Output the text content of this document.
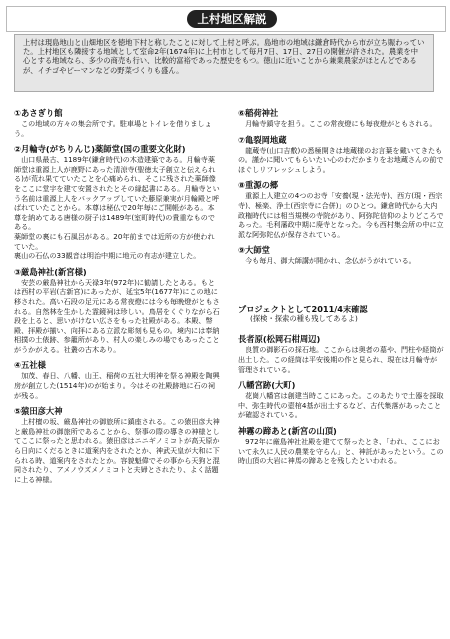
上村地区解説
上村は現島地山と山畑地区を徳地下村と称したことに対して上村と呼ぶ。島地市の地域は鎌倉時代から市が立ち賑わっていた。上村地区も隣接する地域として室命2年(1674年)に上村市として毎月7日、17日、27日の開催が許された。農業を中心とする地域なら、多少の商売も行い、比較的富裕であった歴史をもつ。徳山に近いことから兼業農家がほとんどであるが、イチゴやピーマンなどの野菜づくりも盛ん。
①あさぎり館
この地域の方々の集会所です。駐車場とトイレを借りましょう。
②月輪寺(がちりんじ)薬師堂(国の重要文化財)
山口県最古、1189年(鎌倉時代)の木造建築である。月輪寺薬師堂は重源上人が鹿野にあった清涼寺(聖徳太子創立と伝えられる)が荒れ果てていたことを心痛められ、そこに残された薬師像をここに堂宇を建て安置されたとその縁起書にある。月輪寺という名前は重源上人をバックアップしていた藤原兼実が月輪殿と呼ばれていたことから。本尊は秘仏で20年毎にご開帳がある。本尊を納めてある唐様の厨子は1489年(室町時代)の貴重なものである。
薬師堂の裏にも石風呂がある。20年前までは近所の方が使われていた。
裏山の石仏の33観音は明治中期に地元の有志が建立した。
③厳島神社(新宮様)
安芸の厳島神社から天禄3年(972年)に勧請したとある。もとは西村の平岩(古新宮)にあったが、延宝5年(1677年)にこの地に移された。高い石段の足元にある常夜燈には今も毎晩燈がともされる。自然林を生かした霊鏡祠は珍しい。鳥居をくぐりながら石段を上ると、思いがけない広さをもった社殿がある。本殿、幣殿、拝殿が揃い、向拝にある立派な彫刻も見もの。境内には奉納相撲の土俵跡、参籠所があり、村人の楽しみの場でもあったことがうかがえる。社叢の古木あり。
④五社様
加茂、春日、八幡、山王、稲荷の五社大明神を祭る神殿を陶興房が創立した(1514年)のが始まり。今はその社殿跡地に石の祠が残る。
⑤猿田彦大神
上村檀の坂、厳島神社の御旅所に鎮座される。この猿田彦大神と厳島神社の御旅所であることから、祭事の際の導きの神様としてここに祭ったと思われる。猿田彦はニニギノミコトが高天原から日向にくだるときに道案内をされたとか、神武天皇が大和に下られる時、道案内をされたとか。容貌魁偉でその事から天狗と混同されたり、アメノウズメノミコトと夫婦とされたり、よく話題に上る神様。
⑥稲荷神社
月輪寺鎮守を担う。ここの常夜燈にも毎夜燈がともされる。
⑦亀裂岡地蔵
龍蔵寺(山口吉敷)の悉極開きは地蔵様のお言葉を戴いてきたもの。謹かに聞いてもらいたい心のわだかまりをお地蔵さんの前でほぐしリフレッシュしよう。
⑧重源の郷
重源上人建立の4つのお寺「安養(現・法光寺)、西方(現・西宗寺)、極楽、浄土(西宗寺に合併)」のひとつ。鎌倉時代から大内政権時代には相当規模の寺院があり、阿弥陀信仰のよりどころであった。毛利藩政中期に廃寺となった。今も西村集会所の中に立派な阿弥陀仏が保存されている。
⑨大師堂
今も毎月、御大師講が開かれ、念仏がうがれている。
プロジェクトとして2011/4末確認
(探検・探索の種も残してあるよ)
長者原(松岡石柑周辺)
良質の御影石の採石地。ここからは奥者の墓や、門柱や経筒が出土した。この経筒は平安後期の作と見られ、現在は月輪寺が管理されている。
八幡宮跡(大町)
花崗八幡宮は創建当時ここにあった。このあたりで土器を採取中、弥生時代の壺棺4基が出土するなど、古代集落があったことが確認されている。
神霧の蹄あと(新宮の山頂)
972年に厳島神社社殿を建てて祭ったとき、「われ、ここにおいて永久に人民の農業を守らん」と、神託があったという。この時山頂の大岩に神馬の蹄あとを残したといわれる。
